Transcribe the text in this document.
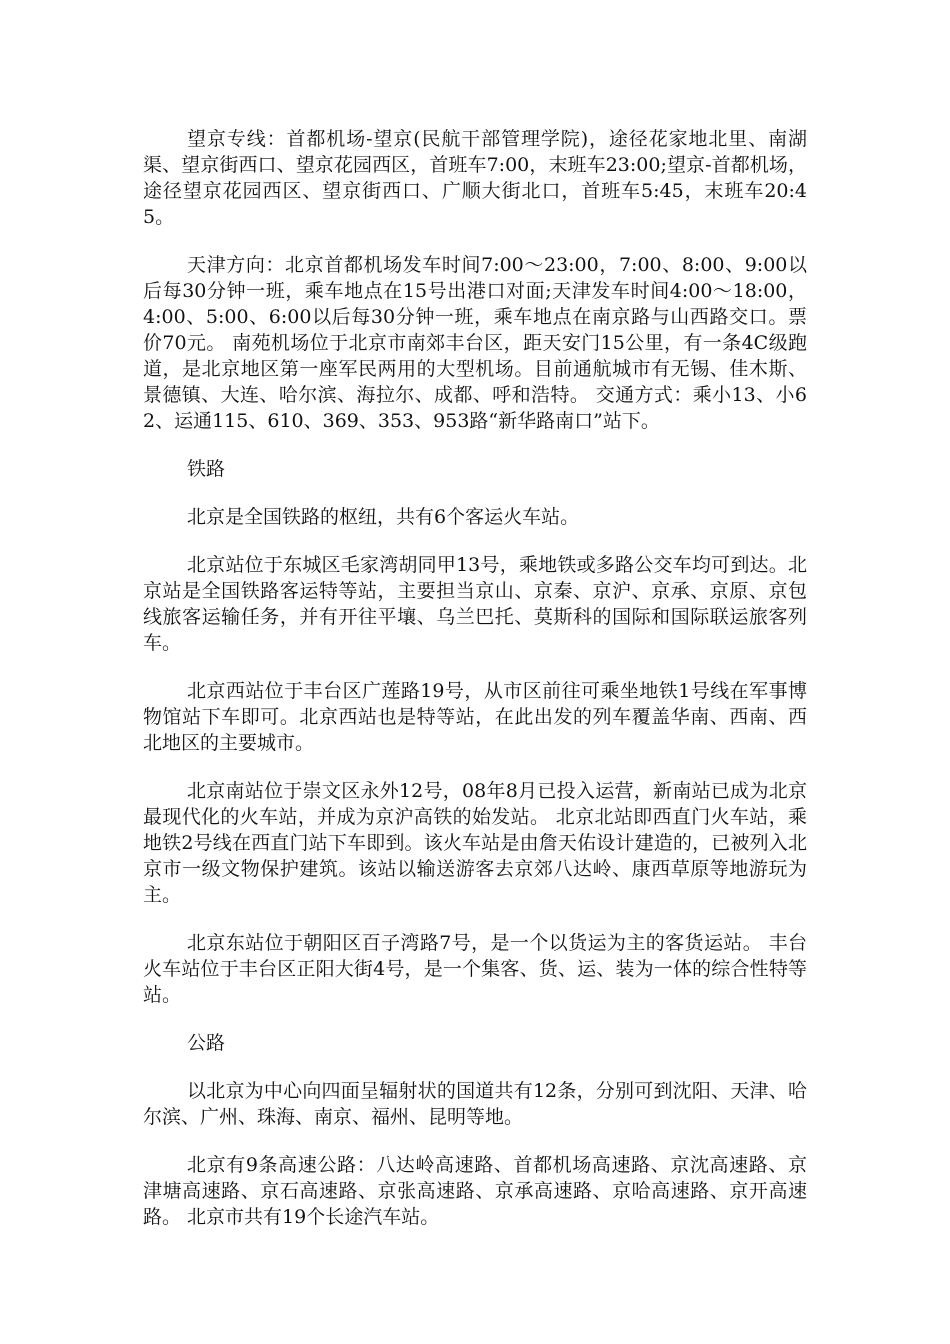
望京专线：首都机场-望京(民航干部管理学院)，途径花家地北里、南湖渠、望京街西口、望京花园西区，首班车7:00，末班车23:00;望京-首都机场，途径望京花园西区、望京街西口、广顺大街北口，首班车5:45，末班车20:45。

天津方向：北京首都机场发车时间7:00～23:00，7:00、8:00、9:00以后每30分钟一班，乘车地点在15号出港口对面;天津发车时间4:00～18:00，4:00、5:00、6:00以后每30分钟一班，乘车地点在南京路与山西路交口。票价70元。 南苑机场位于北京市南郊丰台区，距天安门15公里，有一条4C级跑道，是北京地区第一座军民两用的大型机场。目前通航城市有无锡、佳木斯、景德镇、大连、哈尔滨、海拉尔、成都、呼和浩特。 交通方式：乘小13、小62、运通115、610、369、353、953路“新华路南口”站下。

铁路

北京是全国铁路的枢纽，共有6个客运火车站。

北京站位于东城区毛家湾胡同甲13号，乘地铁或多路公交车均可到达。北京站是全国铁路客运特等站，主要担当京山、京秦、京沪、京承、京原、京包线旅客运输任务，并有开往平壤、乌兰巴托、莫斯科的国际和国际联运旅客列车。

北京西站位于丰台区广莲路19号，从市区前往可乘坐地铁1号线在军事博物馆站下车即可。北京西站也是特等站，在此出发的列车覆盖华南、西南、西北地区的主要城市。

北京南站位于崇文区永外12号，08年8月已投入运营，新南站已成为北京最现代化的火车站，并成为京沪高铁的始发站。 北京北站即西直门火车站，乘地铁2号线在西直门站下车即到。该火车站是由詹天佑设计建造的，已被列入北京市一级文物保护建筑。该站以输送游客去京郊八达岭、康西草原等地游玩为主。

北京东站位于朝阳区百子湾路7号，是一个以货运为主的客货运站。 丰台火车站位于丰台区正阳大街4号，是一个集客、货、运、装为一体的综合性特等站。

公路

以北京为中心向四面呈辐射状的国道共有12条，分别可到沈阳、天津、哈尔滨、广州、珠海、南京、福州、昆明等地。

北京有9条高速公路：八达岭高速路、首都机场高速路、京沈高速路、京津塘高速路、京石高速路、京张高速路、京承高速路、京哈高速路、京开高速路。 北京市共有19个长途汽车站。
